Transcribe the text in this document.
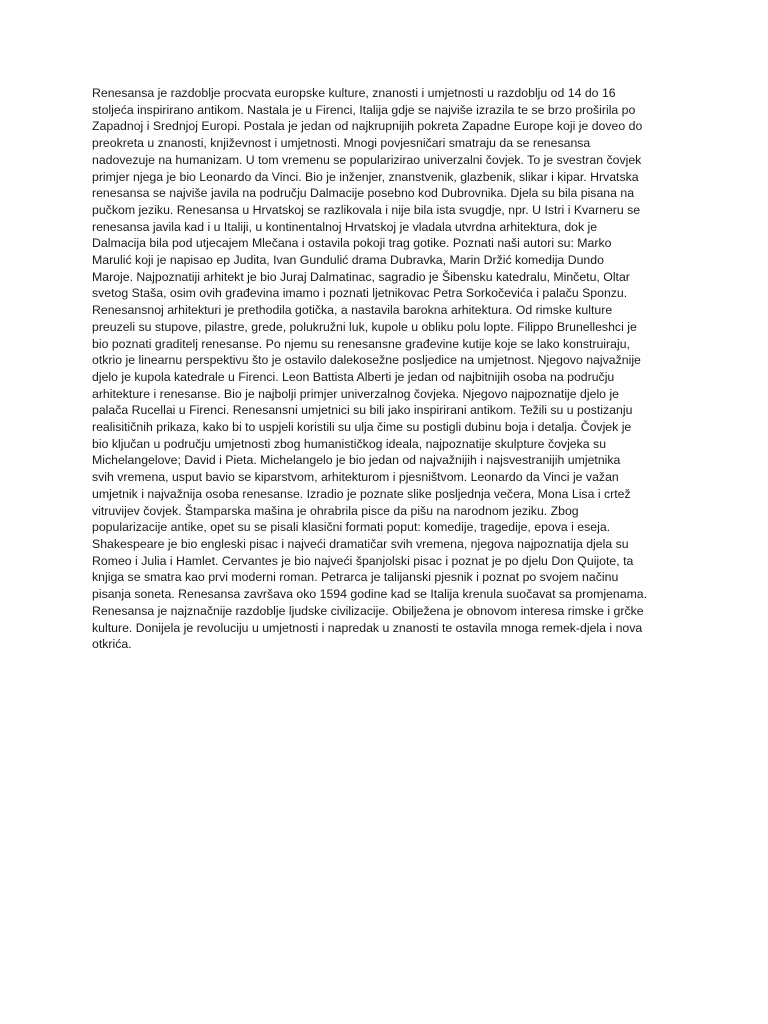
Renesansa je razdoblje procvata europske kulture, znanosti i umjetnosti u razdoblju od 14 do 16
stoljeća inspirirano antikom. Nastala je u Firenci, Italija gdje se najviše izrazila te se brzo proširila po
Zapadnoj i Srednjoj Europi. Postala je jedan od najkrupnijih pokreta Zapadne Europe koji je doveo do
preokreta u znanosti, književnost i umjetnosti. Mnogi povjesničari smatraju da se renesansa
nadovezuje na humanizam. U tom vremenu se popularizirao univerzalni čovjek. To je svestran čovjek
primjer njega je bio Leonardo da Vinci. Bio je inženjer, znanstvenik, glazbenik, slikar i kipar. Hrvatska
renesansa se najviše javila na području Dalmacije posebno kod Dubrovnika. Djela su bila pisana na
pučkom jeziku. Renesansa u Hrvatskoj se razlikovala i nije bila ista svugdje, npr. U Istri i Kvarneru se
renesansa javila kad i u Italiji, u kontinentalnoj Hrvatskoj je vladala utvrdna arhitektura, dok je
Dalmacija bila pod utjecajem Mlečana i ostavila pokoji trag gotike. Poznati naši autori su: Marko
Marulić koji je napisao ep Judita, Ivan Gundulić drama Dubravka, Marin Držić komedija Dundo
Maroje. Najpoznatiji arhitekt je bio Juraj Dalmatinac, sagradio je Šibensku katedralu, Minčetu, Oltar
svetog Staša, osim ovih građevina imamo i poznati ljetnikovac Petra Sorkočevića i palaču Sponzu.
Renesansnoj arhitekturi je prethodila gotička, a nastavila barokna arhitektura. Od rimske kulture
preuzeli su stupove, pilastre, grede, polukružni luk, kupole u obliku polu lopte. Filippo Brunelleshci je
bio poznati graditelj renesanse. Po njemu su renesansne građevine kutije koje se lako konstruiraju,
otkrio je linearnu perspektivu što je ostavilo dalekosežne posljedice na umjetnost. Njegovo najvažnije
djelo je kupola katedrale u Firenci. Leon Battista Alberti je jedan od najbitnijih osoba na području
arhitekture i renesanse. Bio je najbolji primjer univerzalnog čovjeka. Njegovo najpoznatije djelo je
palača Rucellai u Firenci. Renesansni umjetnici su bili jako inspirirani antikom. Težili su u postizanju
realisitičnih prikaza, kako bi to uspjeli koristili su ulja čime su postigli dubinu boja i detalja. Čovjek je
bio ključan u području umjetnosti zbog humanističkog ideala, najpoznatije skulpture čovjeka su
Michelangelove; David i Pieta. Michelangelo je bio jedan od najvažnijih i najsvestranijih umjetnika
svih vremena, usput bavio se kiparstvom, arhitekturom i pjesništvom. Leonardo da Vinci je važan
umjetnik i najvažnija osoba renesanse. Izradio je poznate slike posljednja večera, Mona Lisa i crtež
vitruvijev čovjek. Štamparska mašina je ohrabrila pisce da pišu na narodnom jeziku. Zbog
popularizacije antike, opet su se pisali klasični formati poput: komedije, tragedije, epova i eseja.
Shakespeare je bio engleski pisac i najveći dramatičar svih vremena, njegova najpoznatija djela su
Romeo i Julia i Hamlet. Cervantes je bio najveći španjolski pisac i poznat je po djelu Don Quijote, ta
knjiga se smatra kao prvi moderni roman. Petrarca je talijanski pjesnik i poznat po svojem načinu
pisanja soneta. Renesansa završava oko 1594 godine kad se Italija krenula suočavat sa promjenama.
Renesansa je najznačnije razdoblje ljudske civilizacije. Obilježena je obnovom interesa rimske i grčke
kulture. Donijela je revoluciju u umjetnosti i napredak u znanosti te ostavila mnoga remek-djela i nova
otkrića.
